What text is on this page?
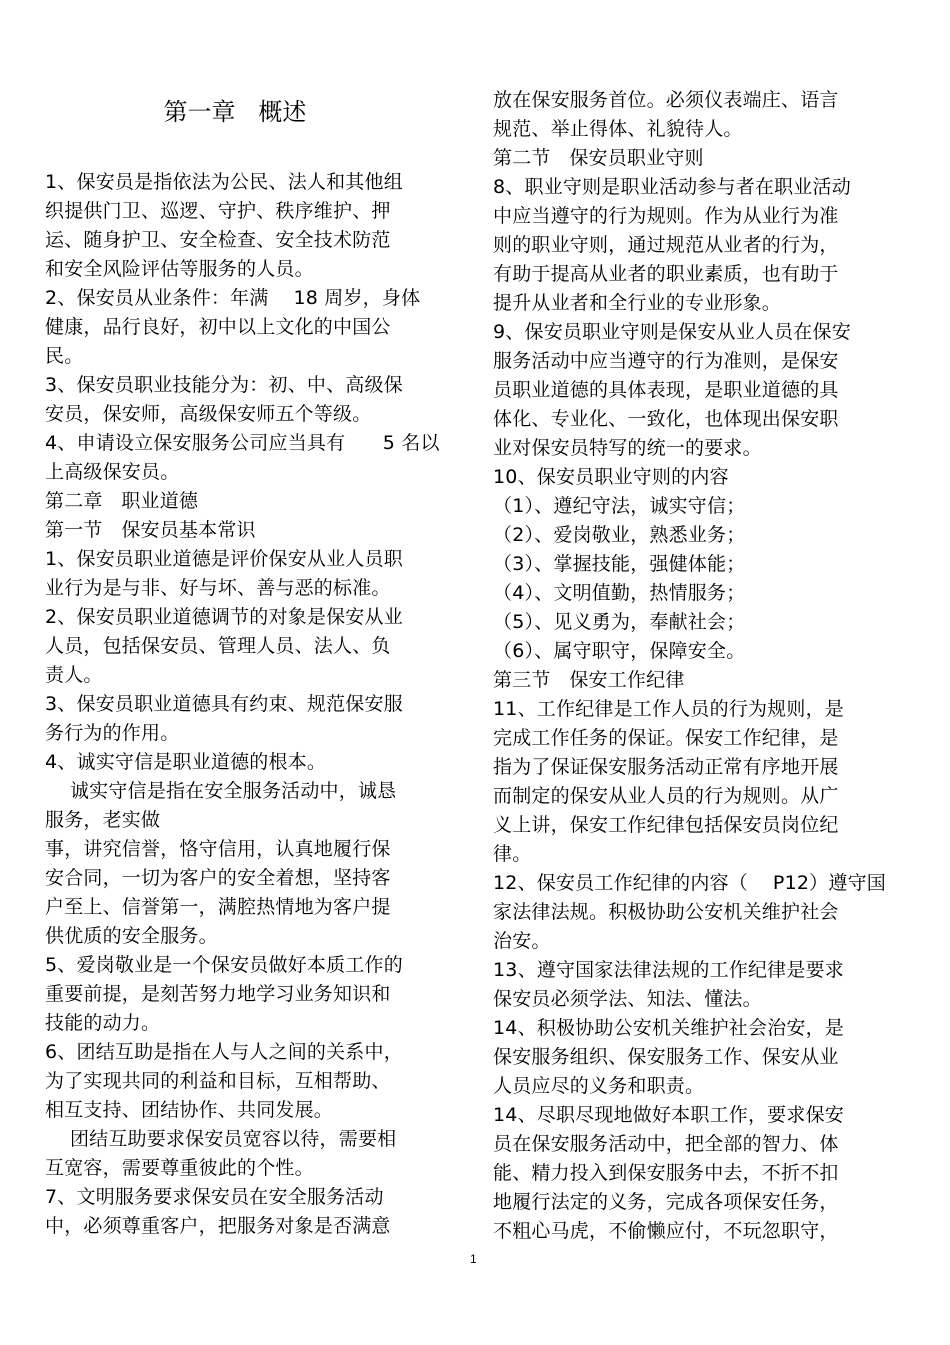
第一章   概述
1、保安员是指依法为公民、法人和其他组
织提供门卫、巡逻、守护、秩序维护、押
运、随身护卫、安全检查、安全技术防范
和安全风险评估等服务的人员。
2、保安员从业条件：年满    18 周岁，身体
健康，品行良好，初中以上文化的中国公
民。
3、保安员职业技能分为：初、中、高级保
安员，保安师，高级保安师五个等级。
4、申请设立保安服务公司应当具有      5 名以
上高级保安员。
第二章   职业道德
第一节   保安员基本常识
1、保安员职业道德是评价保安从业人员职
业行为是与非、好与坏、善与恶的标准。
2、保安员职业道德调节的对象是保安从业
人员，包括保安员、管理人员、法人、负
责人。
3、保安员职业道德具有约束、规范保安服
务行为的作用。
4、诚实守信是职业道德的根本。
诚实守信是指在安全服务活动中，诚恳
服务，老实做
事，讲究信誉，恪守信用，认真地履行保
安合同，一切为客户的安全着想，坚持客
户至上、信誉第一，满腔热情地为客户提
供优质的安全服务。
5、爱岗敬业是一个保安员做好本质工作的
重要前提，是刻苦努力地学习业务知识和
技能的动力。
6、团结互助是指在人与人之间的关系中，
为了实现共同的利益和目标，互相帮助、
相互支持、团结协作、共同发展。
团结互助要求保安员宽容以待，需要相
互宽容，需要尊重彼此的个性。
7、文明服务要求保安员在安全服务活动
中，必须尊重客户，把服务对象是否满意
放在保安服务首位。必须仪表端庄、语言
规范、举止得体、礼貌待人。
第二节   保安员职业守则
8、职业守则是职业活动参与者在职业活动
中应当遵守的行为规则。作为从业行为准
则的职业守则，通过规范从业者的行为，
有助于提高从业者的职业素质，也有助于
提升从业者和全行业的专业形象。
9、保安员职业守则是保安从业人员在保安
服务活动中应当遵守的行为准则，是保安
员职业道德的具体表现，是职业道德的具
体化、专业化、一致化，也体现出保安职
业对保安员特写的统一的要求。
10、保安员职业守则的内容
（1）、遵纪守法，诚实守信；
（2）、爱岗敬业，熟悉业务；
（3）、掌握技能，强健体能；
（4）、文明值勤，热情服务；
（5）、见义勇为，奉献社会；
（6）、属守职守，保障安全。
第三节   保安工作纪律
11、工作纪律是工作人员的行为规则，是
完成工作任务的保证。保安工作纪律，是
指为了保证保安服务活动正常有序地开展
而制定的保安从业人员的行为规则。从广
义上讲，保安工作纪律包括保安员岗位纪
律。
12、保安员工作纪律的内容（    P12）遵守国
家法律法规。积极协助公安机关维护社会
治安。
13、遵守国家法律法规的工作纪律是要求
保安员必须学法、知法、懂法。
14、积极协助公安机关维护社会治安，是
保安服务组织、保安服务工作、保安从业
人员应尽的义务和职责。
14、尽职尽现地做好本职工作，要求保安
员在保安服务活动中，把全部的智力、体
能、精力投入到保安服务中去，不折不扣
地履行法定的义务，完成各项保安任务，
不粗心马虎，不偷懒应付，不玩忽职守，
1
